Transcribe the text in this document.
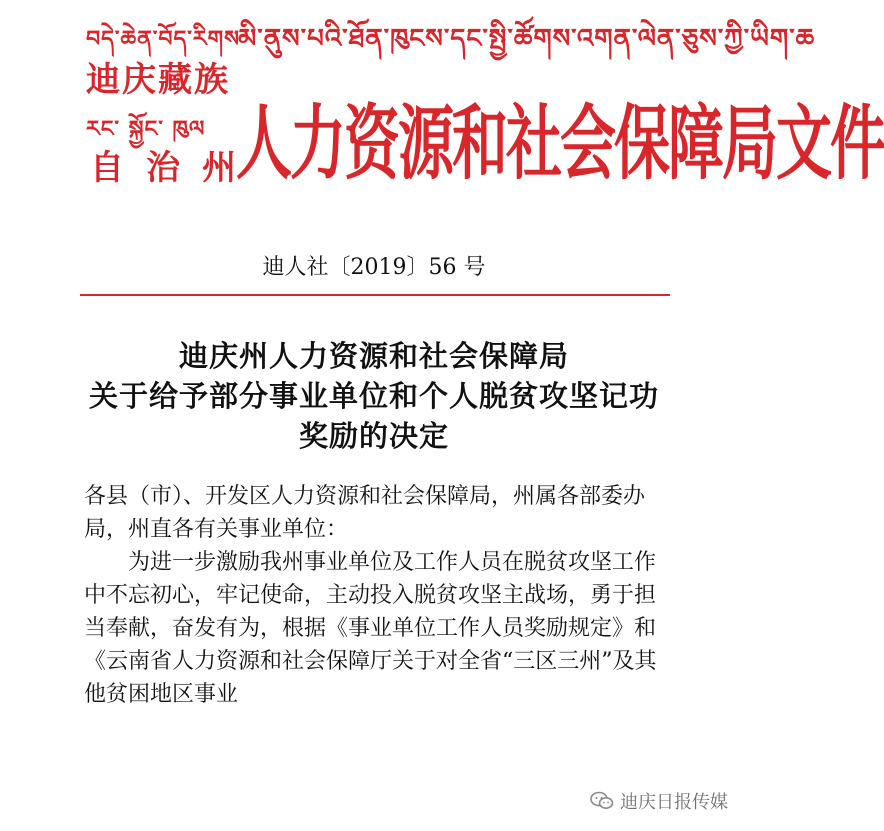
བདེ་ཆེན་བོད་རིགས
迪庆藏族
རང་ སྐྱོང་ ཁུལ
自治州
མི་ནུས་པའི་ཐོན་ཁུངས་དང་སྤྱི་ཚོགས་འགན་ལེན་ཅུས་ཀྱི་ཡིག་ཆ
人力资源和社会保障局文件
迪人社〔2019〕56 号
迪庆州人力资源和社会保障局
关于给予部分事业单位和个人脱贫攻坚记功
奖励的决定

各县（市）、开发区人力资源和社会保障局，州属各部委办局，州直各有关事业单位：

为进一步激励我州事业单位及工作人员在脱贫攻坚工作中不忘初心，牢记使命，主动投入脱贫攻坚主战场，勇于担当奉献，奋发有为，根据《事业单位工作人员奖励规定》和《云南省人力资源和社会保障厅关于对全省“三区三州”及其他贫困地区事业

迪庆日报传媒
